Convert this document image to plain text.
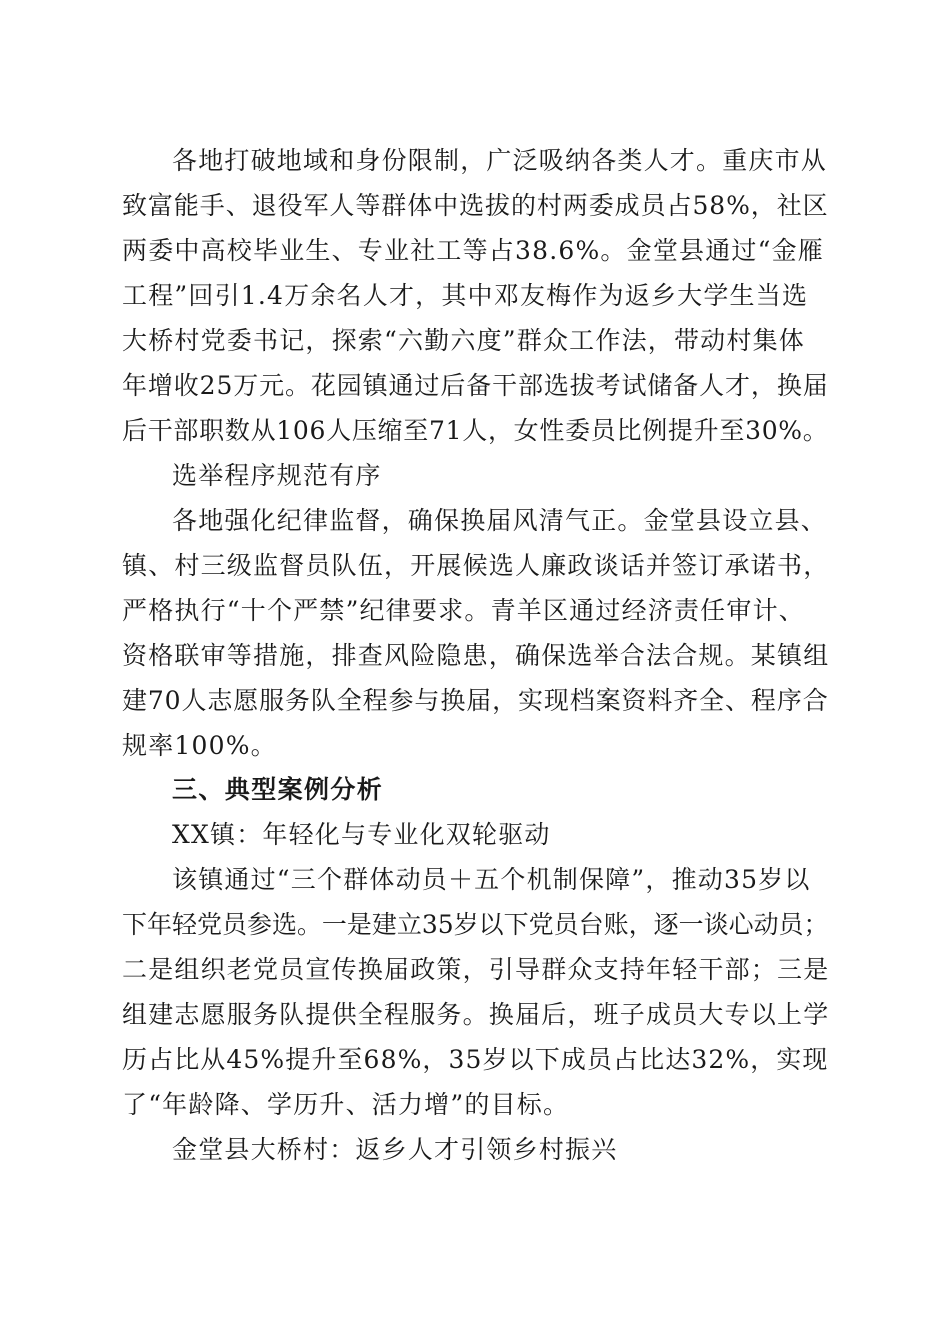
各地打破地域和身份限制，广泛吸纳各类人才。重庆市从
致富能手、退役军人等群体中选拔的村两委成员占58%，社区
两委中高校毕业生、专业社工等占38.6%。金堂县通过“金雁
工程”回引1.4万余名人才，其中邓友梅作为返乡大学生当选
大桥村党委书记，探索“六勤六度”群众工作法，带动村集体
年增收25万元。花园镇通过后备干部选拔考试储备人才，换届
后干部职数从106人压缩至71人，女性委员比例提升至30%。
选举程序规范有序
各地强化纪律监督，确保换届风清气正。金堂县设立县、
镇、村三级监督员队伍，开展候选人廉政谈话并签订承诺书，
严格执行“十个严禁”纪律要求。青羊区通过经济责任审计、
资格联审等措施，排查风险隐患，确保选举合法合规。某镇组
建70人志愿服务队全程参与换届，实现档案资料齐全、程序合
规率100%。
三、典型案例分析
XX镇：年轻化与专业化双轮驱动
该镇通过“三个群体动员＋五个机制保障”，推动35岁以
下年轻党员参选。一是建立35岁以下党员台账，逐一谈心动员；
二是组织老党员宣传换届政策，引导群众支持年轻干部；三是
组建志愿服务队提供全程服务。换届后，班子成员大专以上学
历占比从45%提升至68%，35岁以下成员占比达32%，实现
了“年龄降、学历升、活力增”的目标。
金堂县大桥村：返乡人才引领乡村振兴
